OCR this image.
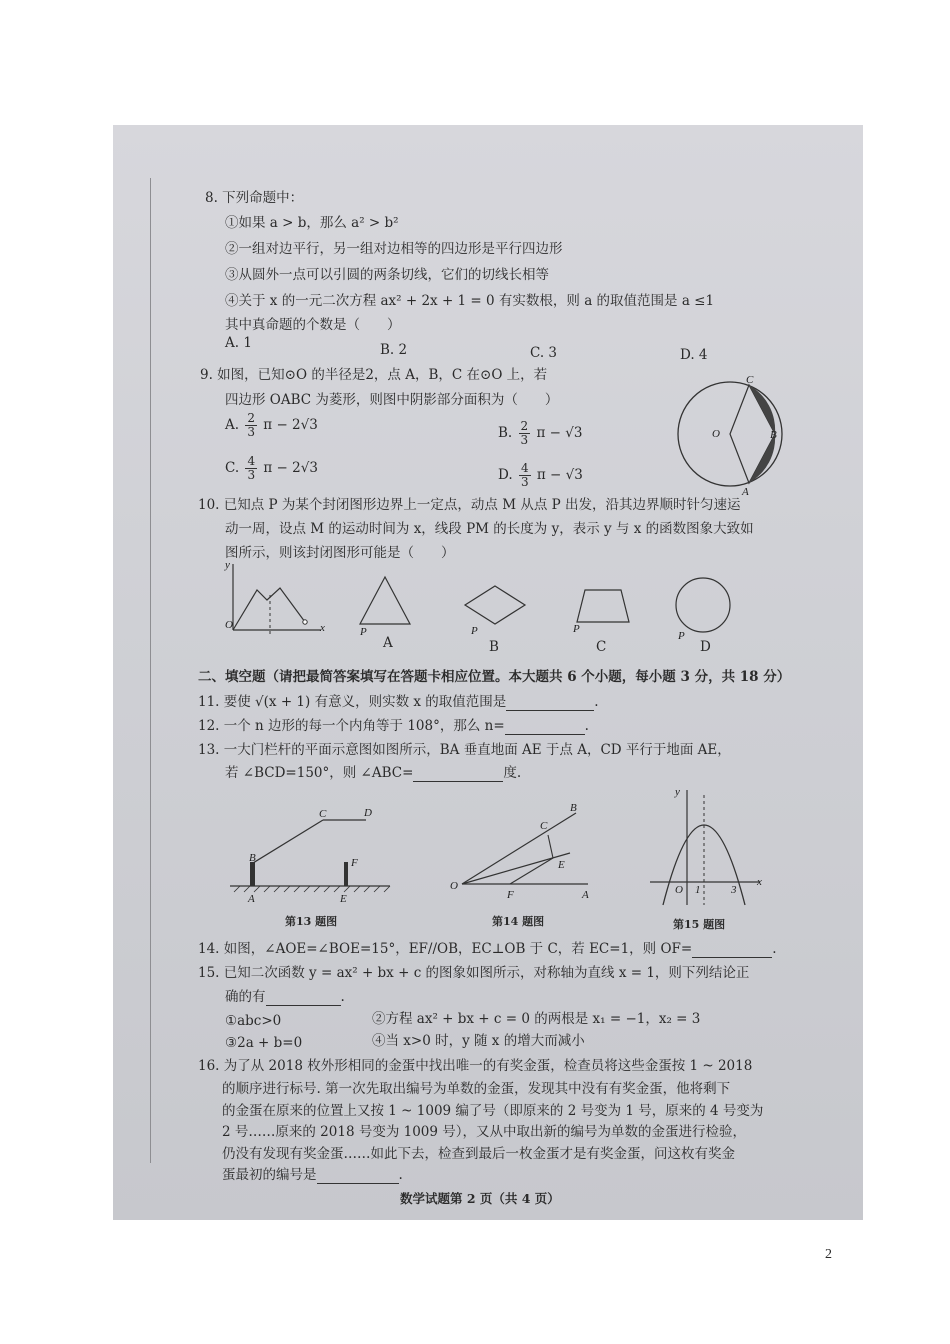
8. 下列命题中：
①如果 a > b，那么 a² > b²
②一组对边平行，另一组对边相等的四边形是平行四边形
③从圆外一点可以引圆的两条切线，它们的切线长相等
④关于 x 的一元二次方程 ax² + 2x + 1 = 0 有实数根，则 a 的取值范围是 a ≤1
其中真命题的个数是（　　）
A. 1	B. 2	C. 3	D. 4
9. 如图，已知⊙O 的半径是2，点 A，B，C 在⊙O 上，若
四边形 OABC 为菱形，则图中阴影部分面积为（　　）
A. $\frac{2}{3}$ π − 2√3	B. $\frac{2}{3}$ π − √3
C. $\frac{4}{3}$ π − 2√3	D. $\frac{4}{3}$ π − √3
O
C
B
A
10. 已知点 P 为某个封闭图形边界上一定点，动点 M 从点 P 出发，沿其边界顺时针匀速运
动一周，设点 M 的运动时间为 x，线段 PM 的长度为 y，表示 y 与 x 的函数图象大致如
图所示，则该封闭图形可能是（　　）
y
x
O
P
A
P
B
P
C
P
D
二、填空题（请把最简答案填写在答题卡相应位置。本大题共 6 个小题，每小题 3 分，共 18 分）
11. 要使 √(x + 1) 有意义，则实数 x 的取值范围是	.
12. 一个 n 边形的每一个内角等于 108°，那么 n=	.
13. 一大门栏杆的平面示意图如图所示，BA 垂直地面 AE 于点 A，CD 平行于地面 AE，
若 ∠BCD=150°，则 ∠ABC=	度.
B
C	D
F
A	E
第13 题图
O
C
B
E
F	A
第14 题图
y
x
O 1	3
第15 题图
14. 如图，∠AOE=∠BOE=15°，EF//OB，EC⊥OB 于 C，若 EC=1，则 OF=	.
15. 已知二次函数 y = ax² + bx + c 的图象如图所示，对称轴为直线 x = 1，则下列结论正
确的有	.
①abc>0	②方程 ax² + bx + c = 0 的两根是 x₁ = −1，x₂ = 3
③2a + b=0	④当 x>0 时，y 随 x 的增大而减小
16. 为了从 2018 枚外形相同的金蛋中找出唯一的有奖金蛋，检查员将这些金蛋按 1 ~ 2018
的顺序进行标号. 第一次先取出编号为单数的金蛋，发现其中没有有奖金蛋，他将剩下
的金蛋在原来的位置上又按 1 ~ 1009 编了号（即原来的 2 号变为 1 号，原来的 4 号变为
2 号……原来的 2018 号变为 1009 号），又从中取出新的编号为单数的金蛋进行检验，
仍没有发现有奖金蛋……如此下去，检查到最后一枚金蛋才是有奖金蛋，问这枚有奖金
蛋最初的编号是	.
数学试题第 2 页（共 4 页）
2
